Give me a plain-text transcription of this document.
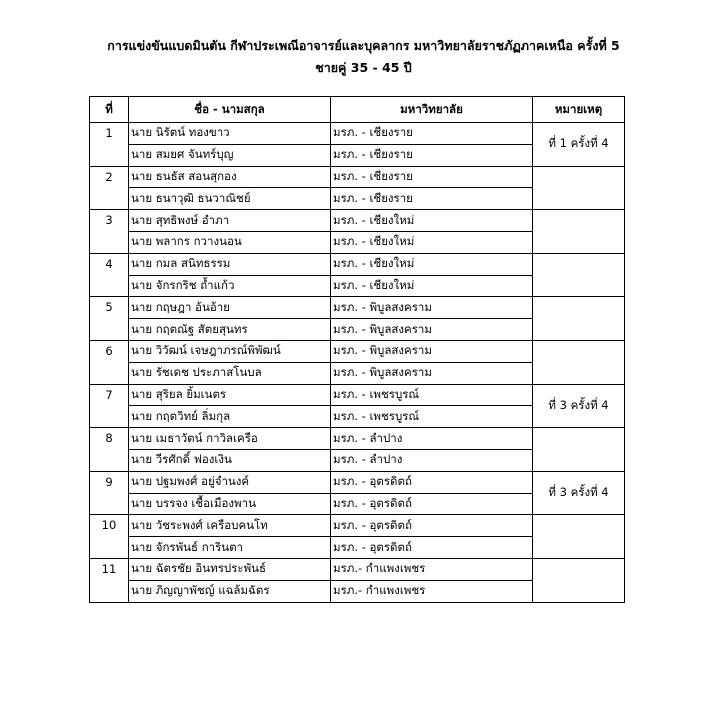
การแข่งขันแบดมินตัน กีฬาประเพณีอาจารย์และบุคลากร มหาวิทยาลัยราชภัฏภาคเหนือ ครั้งที่ 5
ชายคู่ 35 - 45 ปี
ที่	ชื่อ - นามสกุล	มหาวิทยาลัย	หมายเหตุ
1	นาย นิรัตน์ ทองขาว	มรภ. - เชียงราย	ที่ 1 ครั้งที่ 4
	นาย สมยศ จันทร์บุญ	มรภ. - เชียงราย	
2	นาย ธนธัส สอนสุกอง	มรภ. - เชียงราย	
	นาย ธนาวุฒิ ธนวาณิชย์	มรภ. - เชียงราย	
3	นาย สุทธิพงษ์ อำภา	มรภ. - เชียงใหม่	
	นาย พลากร กวางนอน	มรภ. - เชียงใหม่	
4	นาย กมล สนิทธรรม	มรภ. - เชียงใหม่	
	นาย จักรกริช ถ้ำแก้ว	มรภ. - เชียงใหม่	
5	นาย กฤษฎา อ้นอ้าย	มรภ. - พิบูลสงคราม	
	นาย กฤตณัฐ สัตยสุนทร	มรภ. - พิบูลสงคราม	
6	นาย วิวัฒน์ เจษฎาภรณ์พิพัฒน์	มรภ. - พิบูลสงคราม	
	นาย รัชเดช ประภาสโนบล	มรภ. - พิบูลสงคราม	
7	นาย สุริยล ยิ้มเนตร	มรภ. - เพชรบูรณ์	ที่ 3 ครั้งที่ 4
	นาย กฤตวิทย์ ลิ่มกุล	มรภ. - เพชรบูรณ์	
8	นาย เมธาวัตน์ กาวิลเครือ	มรภ. - ลำปาง	
	นาย วีรศักดิ์ ฟองเงิน	มรภ. - ลำปาง	
9	นาย ปฐมพงศ์ อยู่จำนงค์	มรภ. - อุตรดิตถ์	ที่ 3 ครั้งที่ 4
	นาย บรรจง เชื้อเมืองพาน	มรภ. - อุตรดิตถ์	
10	นาย วัชระพงศ์ เครือบคนโท	มรภ. - อุตรดิตถ์	
	นาย จักรพันธ์ การินตา	มรภ. - อุตรดิตถ์	
11	นาย ฉัตรชัย อินทรประพันธ์	มรภ.- กำแพงเพชร	
	นาย ภิญญาพัชญ์ แฉล้มฉัตร	มรภ.- กำแพงเพชร	
